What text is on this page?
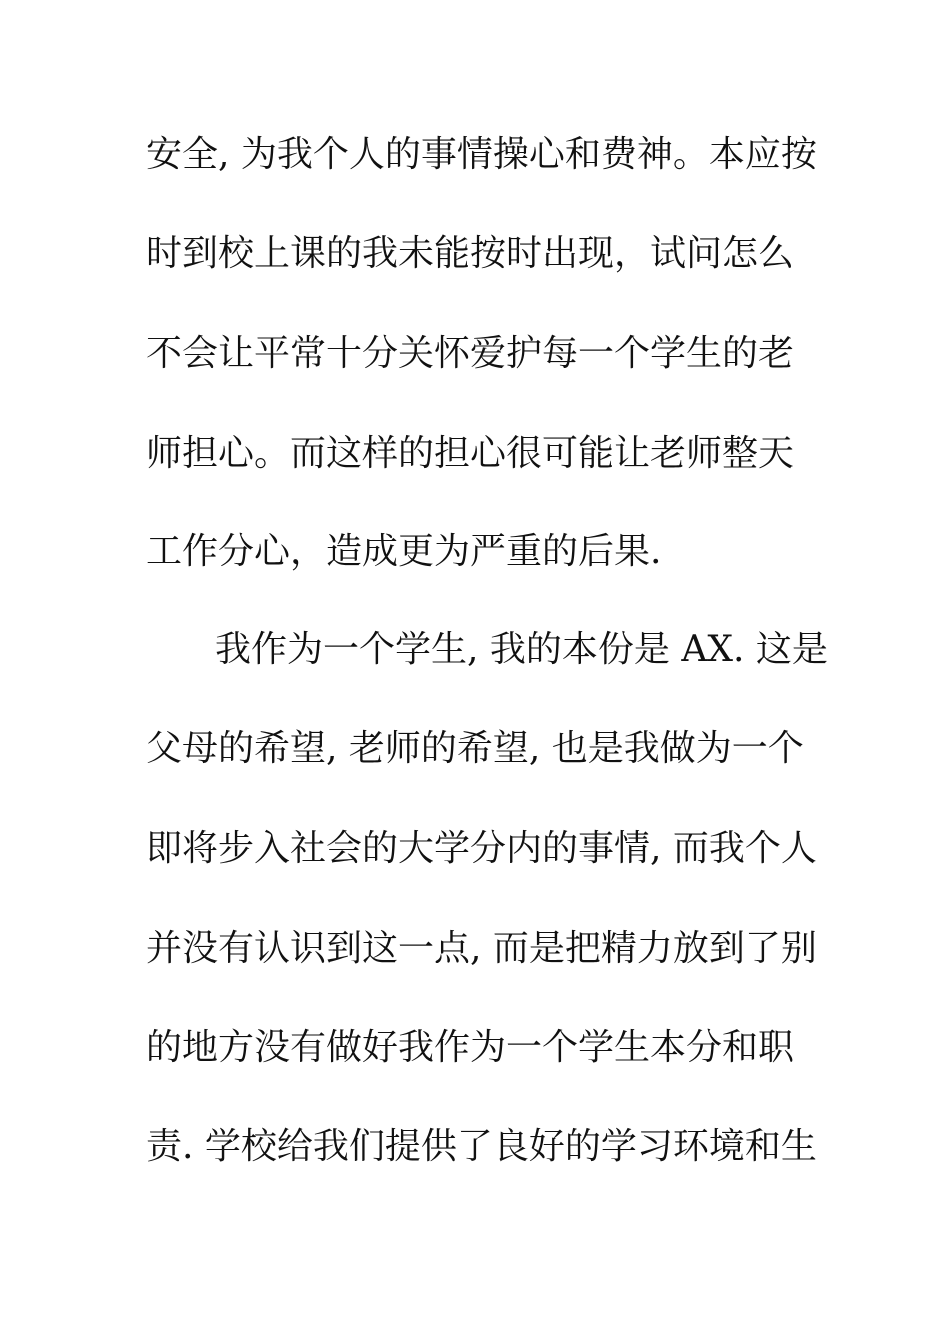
安全, 为我个人的事情操心和费神。本应按
时到校上课的我未能按时出现，试问怎么
不会让平常十分关怀爱护每一个学生的老
师担心。而这样的担心很可能让老师整天
工作分心，造成更为严重的后果.
我作为一个学生, 我的本份是 ΑΧ. 这是
父母的希望, 老师的希望, 也是我做为一个
即将步入社会的大学分内的事情, 而我个人
并没有认识到这一点, 而是把精力放到了别
的地方没有做好我作为一个学生本分和职
责. 学校给我们提供了良好的学习环境和生
